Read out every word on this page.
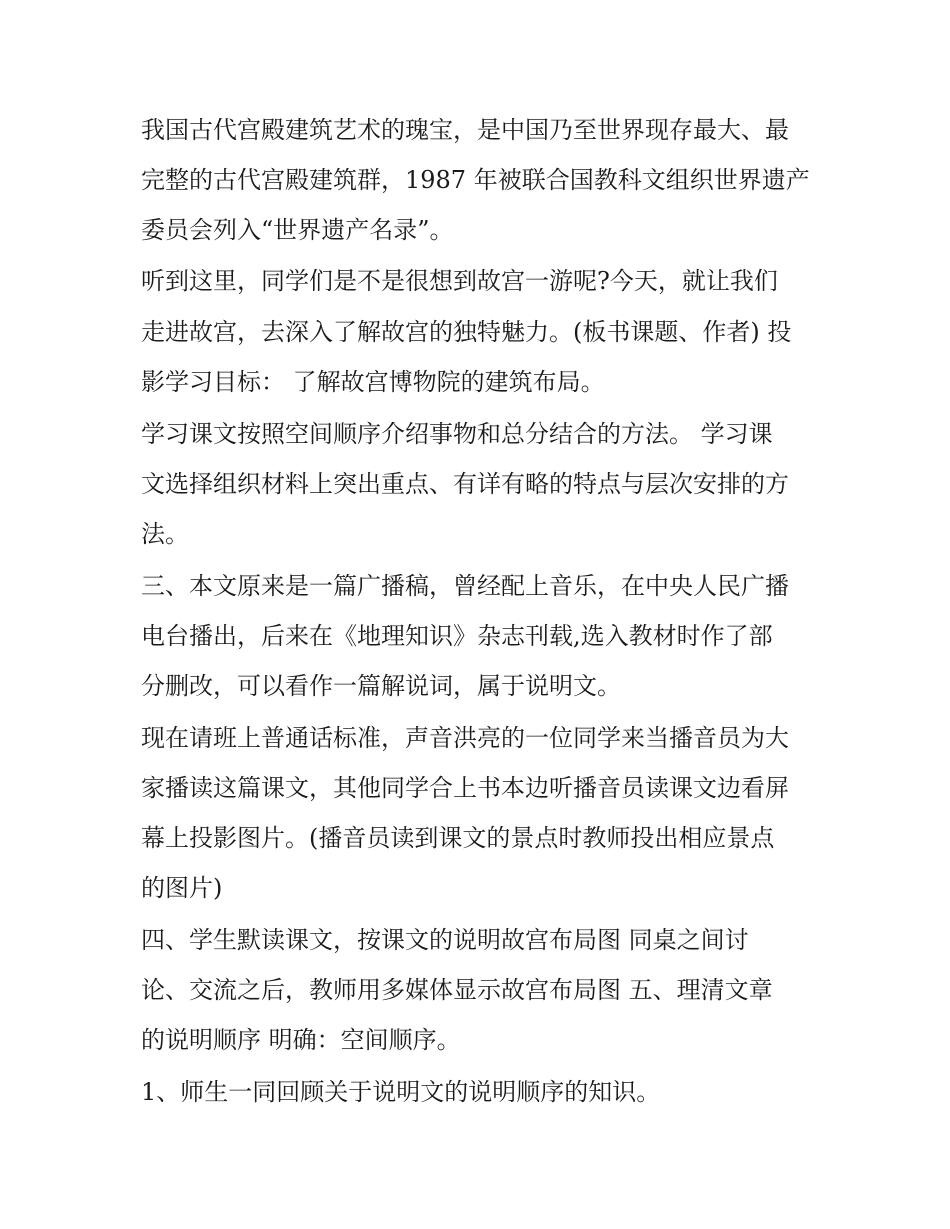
我国古代宫殿建筑艺术的瑰宝，是中国乃至世界现存最大、最
完整的古代宫殿建筑群，1987 年被联合国教科文组织世界遗产
委员会列入“世界遗产名录”。
听到这里，同学们是不是很想到故宫一游呢?今天，就让我们
走进故宫，去深入了解故宫的独特魅力。(板书课题、作者) 投
影学习目标： 了解故宫博物院的建筑布局。
学习课文按照空间顺序介绍事物和总分结合的方法。 学习课
文选择组织材料上突出重点、有详有略的特点与层次安排的方
法。
三、本文原来是一篇广播稿，曾经配上音乐，在中央人民广播
电台播出，后来在《地理知识》杂志刊载,选入教材时作了部
分删改，可以看作一篇解说词，属于说明文。
现在请班上普通话标准，声音洪亮的一位同学来当播音员为大
家播读这篇课文，其他同学合上书本边听播音员读课文边看屏
幕上投影图片。(播音员读到课文的景点时教师投出相应景点
的图片)
四、学生默读课文，按课文的说明故宫布局图 同桌之间讨
论、交流之后，教师用多媒体显示故宫布局图 五、理清文章
的说明顺序 明确：空间顺序。
1、师生一同回顾关于说明文的说明顺序的知识。
